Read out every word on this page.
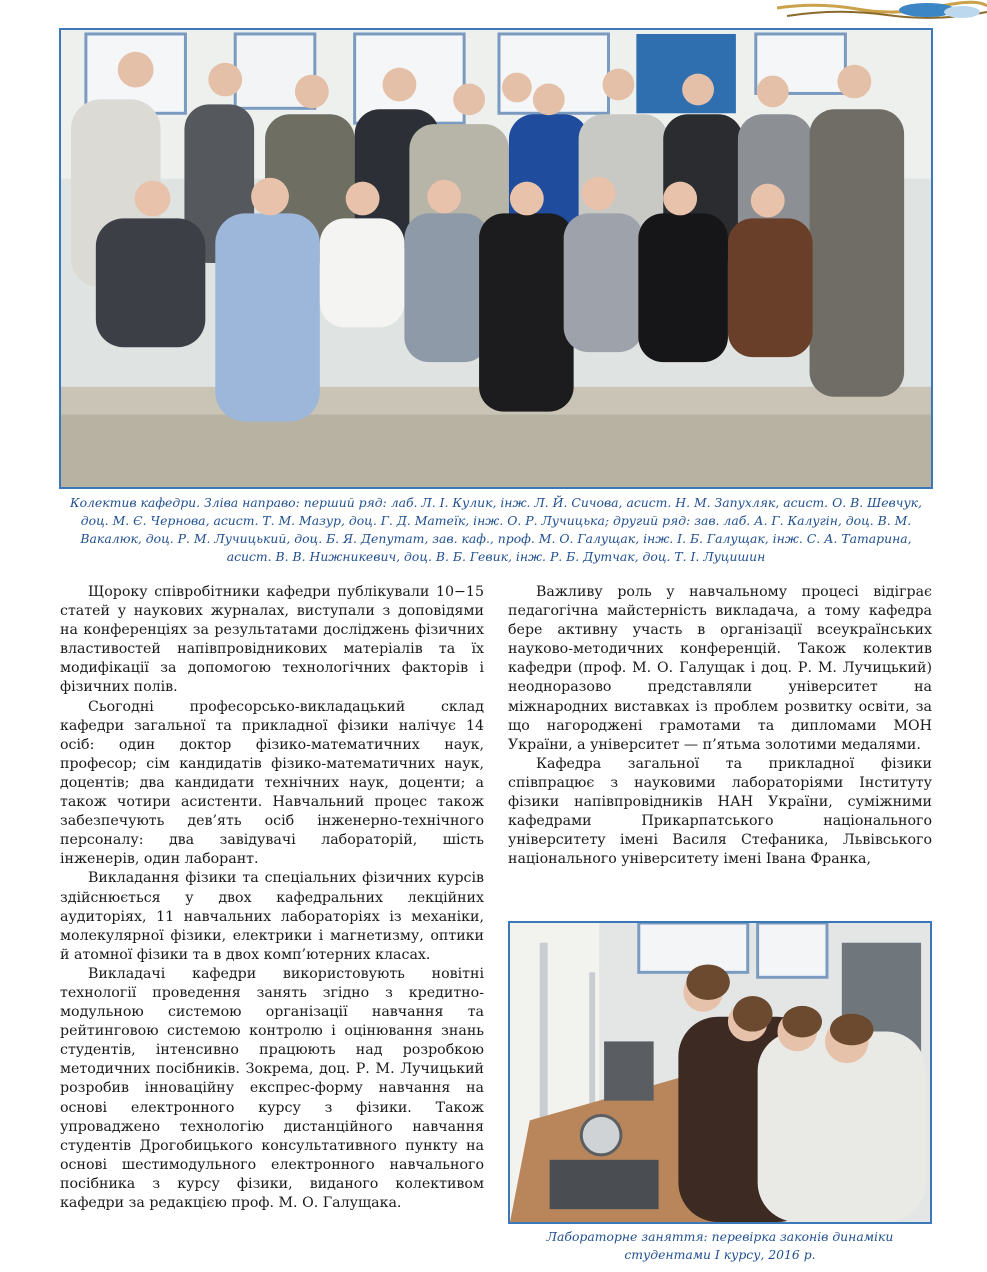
Колектив кафедри. Зліва направо: перший ряд: лаб. Л. І. Кулик, інж. Л. Й. Сичова, асист. Н. М. Запухляк, асист. О. В. Шевчук, доц. М. Є. Чернова, асист. Т. М. Мазур, доц. Г. Д. Матеїк, інж. О. Р. Лучицька; другий ряд: зав. лаб. А. Г. Калугін, доц. В. М. Вакалюк, доц. Р. М. Лучицький, доц. Б. Я. Депутат, зав. каф., проф. М. О. Галущак, інж. І. Б. Галущак, інж. С. А. Татарина, асист. В. В. Нижникевич, доц. В. Б. Гевик, інж. Р. Б. Дутчак, доц. Т. І. Луцишин

Щороку співробітники кафедри публікували 10−15 статей у наукових журналах, виступали з доповідями на конференціях за результатами досліджень фізичних властивостей напівпровідникових матеріалів та їх модифікації за допомогою технологічних факторів і фізичних полів.

Сьогодні професорсько-викладацький склад кафедри загальної та прикладної фізики налічує 14 осіб: один доктор фізико-математичних наук, професор; сім кандидатів фізико-математичних наук, доцентів; два кандидати технічних наук, доценти; а також чотири асистенти. Навчальний процес також забезпечують дев’ять осіб інженерно-технічного персоналу: два завідувачі лабораторій, шість інженерів, один лаборант.

Викладання фізики та спеціальних фізичних курсів здійснюється у двох кафедральних лекційних аудиторіях, 11 навчальних лабораторіях із механіки, молекулярної фізики, електрики і магнетизму, оптики й атомної фізики та в двох комп’ютерних класах.

Викладачі кафедри використовують новітні технології проведення занять згідно з кредитно-модульною системою організації навчання та рейтинговою системою контролю і оцінювання знань студентів, інтенсивно працюють над розробкою методичних посібників. Зокрема, доц. Р. М. Лучицький розробив інноваційну експрес-форму навчання на основі електронного курсу з фізики. Також упроваджено технологію дистанційного навчання студентів Дрогобицького консультативного пункту на основі шестимодульного електронного навчального посібника з курсу фізики, виданого колективом кафедри за редакцією проф. М. О. Галущака.

Важливу роль у навчальному процесі відіграє педагогічна майстерність викладача, а тому кафедра бере активну участь в організації всеукраїнських науково-методичних конференцій. Також колектив кафедри (проф. М. О. Галущак і доц. Р. М. Лучицький) неодноразово представляли університет на міжнародних виставках із проблем розвитку освіти, за що нагороджені грамотами та дипломами МОН України, а університет — п’ятьма золотими медалями.

Кафедра загальної та прикладної фізики співпрацює з науковими лабораторіями Інституту фізики напівпровідників НАН України, суміжними кафедрами Прикарпатського національного університету імені Василя Стефаника, Львівського національного університету імені Івана Франка,

Лабораторне заняття: перевірка законів динаміки студентами І курсу, 2016 р.
